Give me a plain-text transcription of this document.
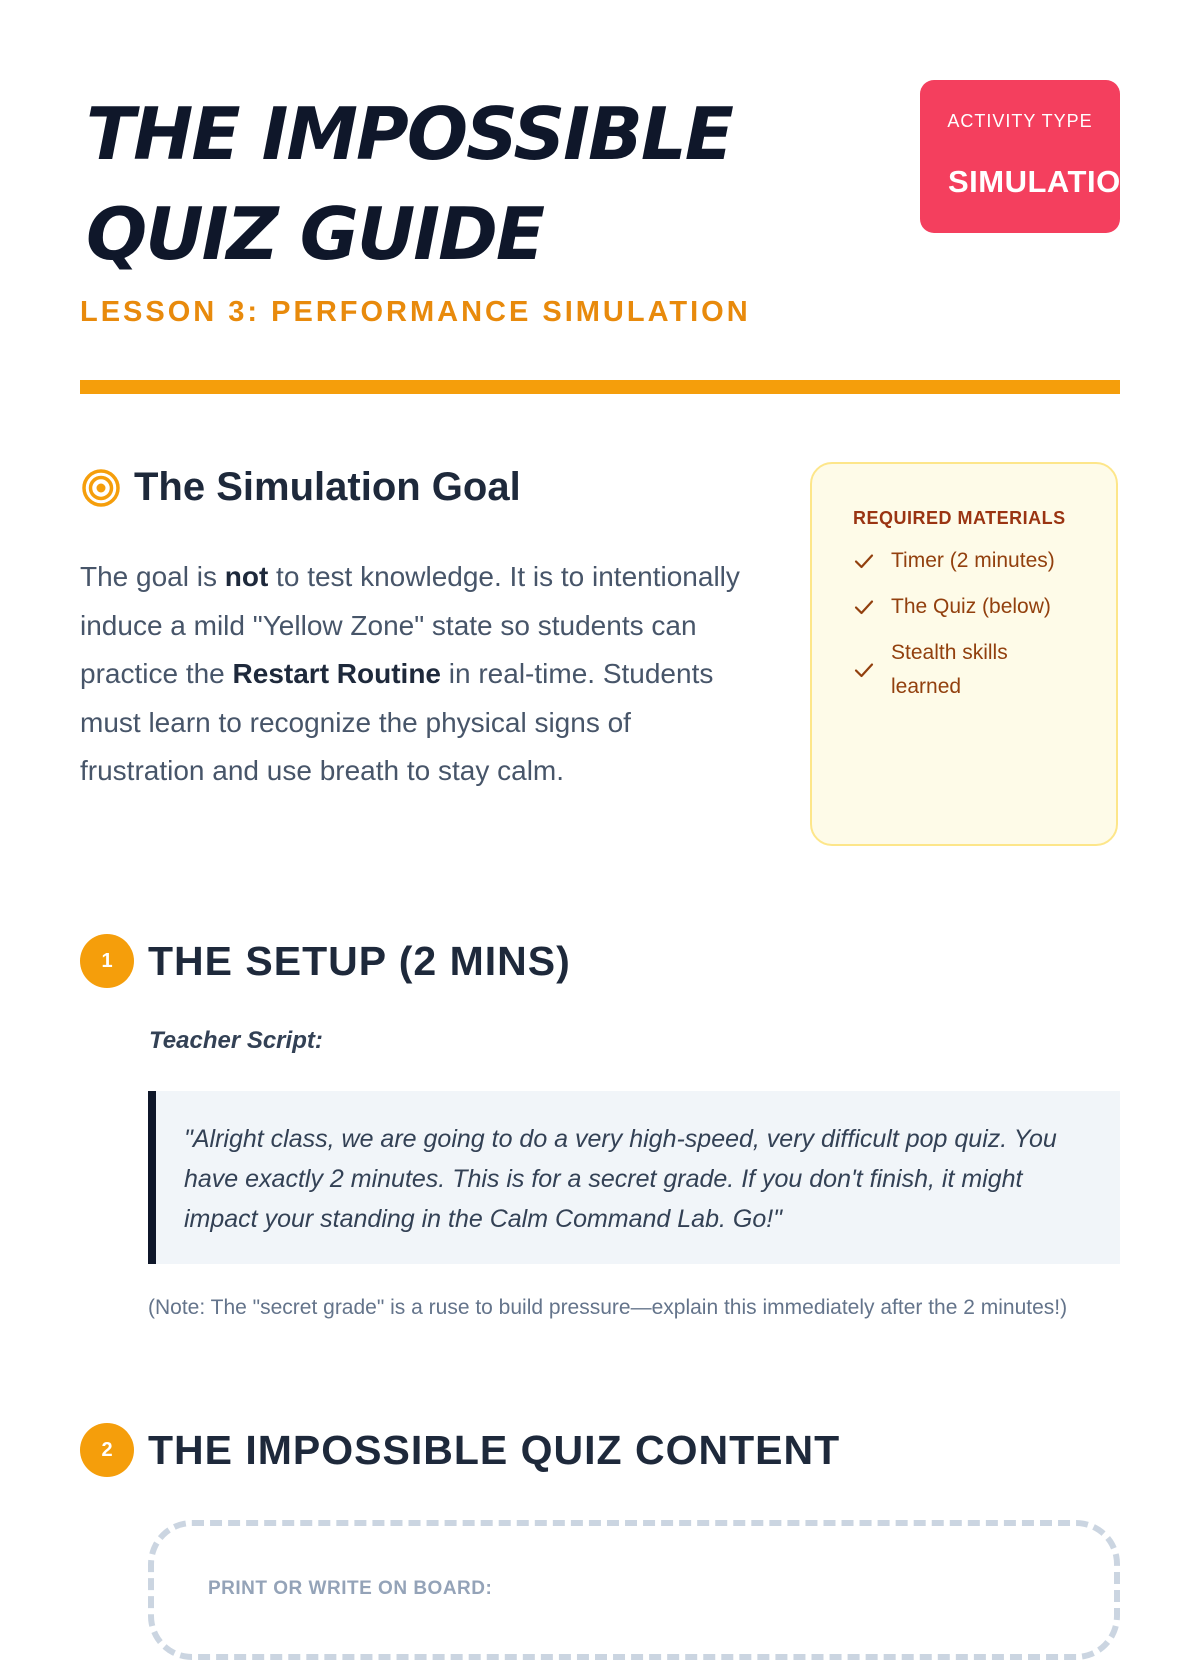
THE IMPOSSIBLE
QUIZ GUIDE
LESSON 3: PERFORMANCE SIMULATION
ACTIVITY TYPE
SIMULATION
The Simulation Goal

The goal is not to test knowledge. It is to intentionally induce a mild "Yellow Zone" state so students can practice the Restart Routine in real-time. Students must learn to recognize the physical signs of frustration and use breath to stay calm.

REQUIRED MATERIALS
Timer (2 minutes)
The Quiz (below)
Stealth skills learned
1 THE SETUP (2 MINS)
Teacher Script:
"Alright class, we are going to do a very high-speed, very difficult pop quiz. You have exactly 2 minutes. This is for a secret grade. If you don't finish, it might impact your standing in the Calm Command Lab. Go!"
(Note: The "secret grade" is a ruse to build pressure—explain this immediately after the 2 minutes!)
2 THE IMPOSSIBLE QUIZ CONTENT
PRINT OR WRITE ON BOARD:
